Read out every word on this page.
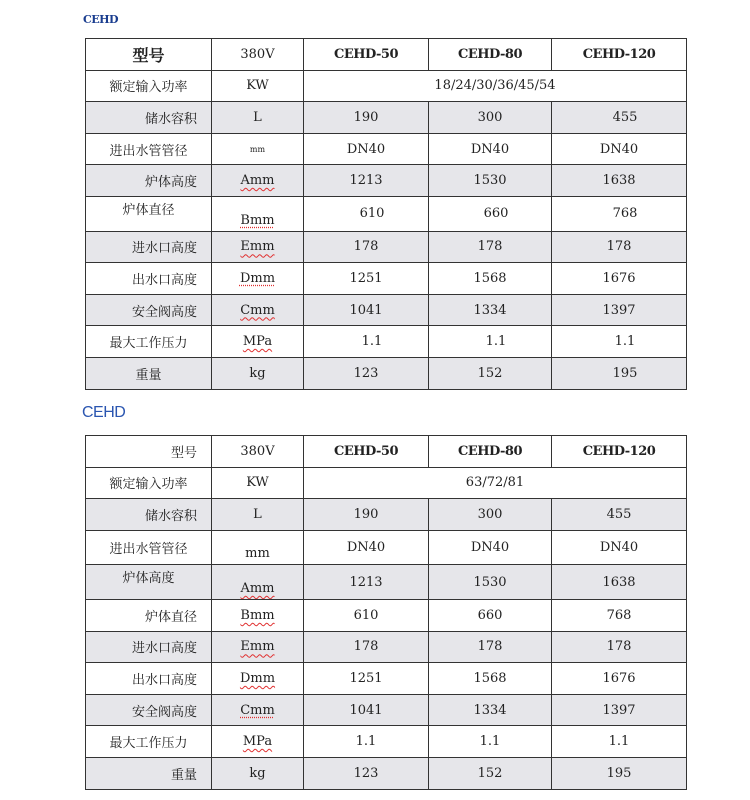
CEHD
型号	380V	CEHD-50	CEHD-80	CEHD-120
额定输入功率	KW	18/24/30/36/45/54		
储水容积	L	190	300	455
进出水管管径	mm	DN40	DN40	DN40
炉体高度	Amm	1213	1530	1638
炉体直径	Bmm	610	660	768
进水口高度	Emm	178	178	178
出水口高度	Dmm	1251	1568	1676
安全阀高度	Cmm	1041	1334	1397
最大工作压力	MPa	1.1	1.1	1.1
重量	kg	123	152	195
CEHD
型号	380V	CEHD-50	CEHD-80	CEHD-120
额定输入功率	KW	63/72/81		
储水容积	L	190	300	455
进出水管管径	mm	DN40	DN40	DN40
炉体高度	Amm	1213	1530	1638
炉体直径	Bmm	610	660	768
进水口高度	Emm	178	178	178
出水口高度	Dmm	1251	1568	1676
安全阀高度	Cmm	1041	1334	1397
最大工作压力	MPa	1.1	1.1	1.1
重量	kg	123	152	195
